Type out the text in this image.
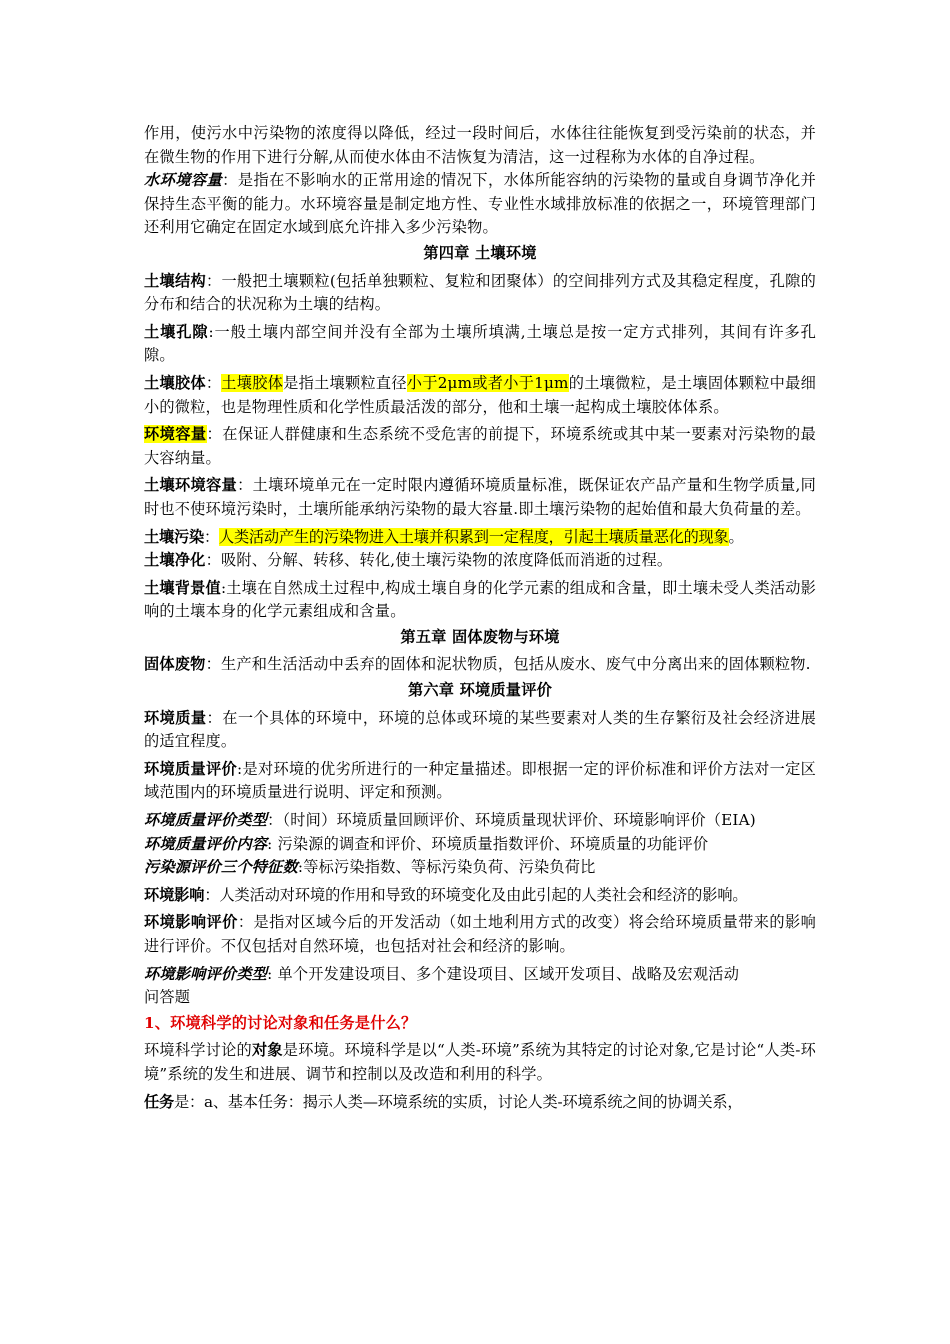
作用，使污水中污染物的浓度得以降低，经过一段时间后，水体往往能恢复到受污染前的状态，并在微生物的作用下进行分解,从而使水体由不洁恢复为清洁，这一过程称为水体的自净过程。

水环境容量：是指在不影响水的正常用途的情况下，水体所能容纳的污染物的量或自身调节净化并保持生态平衡的能力。水环境容量是制定地方性、专业性水域排放标准的依据之一，环境管理部门还利用它确定在固定水域到底允许排入多少污染物。

第四章 土壤环境

土壤结构：一般把土壤颗粒(包括单独颗粒、复粒和团聚体）的空间排列方式及其稳定程度，孔隙的分布和结合的状况称为土壤的结构。

土壤孔隙:一般土壤内部空间并没有全部为土壤所填满,土壤总是按一定方式排列，其间有许多孔隙。

土壤胶体：土壤胶体是指土壤颗粒直径小于2μm或者小于1μm的土壤微粒，是土壤固体颗粒中最细小的微粒，也是物理性质和化学性质最活泼的部分，他和土壤一起构成土壤胶体体系。

环境容量：在保证人群健康和生态系统不受危害的前提下，环境系统或其中某一要素对污染物的最大容纳量。

土壤环境容量：土壤环境单元在一定时限内遵循环境质量标准，既保证农产品产量和生物学质量,同时也不使环境污染时，土壤所能承纳污染物的最大容量.即土壤污染物的起始值和最大负荷量的差。

土壤污染：人类活动产生的污染物进入土壤并积累到一定程度，引起土壤质量恶化的现象。

土壤净化：吸附、分解、转移、转化,使土壤污染物的浓度降低而消逝的过程。

土壤背景值:土壤在自然成土过程中,构成土壤自身的化学元素的组成和含量，即土壤未受人类活动影响的土壤本身的化学元素组成和含量。

第五章 固体废物与环境

固体废物：生产和生活活动中丢弃的固体和泥状物质，包括从废水、废气中分离出来的固体颗粒物.

第六章 环境质量评价

环境质量：在一个具体的环境中，环境的总体或环境的某些要素对人类的生存繁衍及社会经济进展的适宜程度。

环境质量评价:是对环境的优劣所进行的一种定量描述。即根据一定的评价标准和评价方法对一定区域范围内的环境质量进行说明、评定和预测。

环境质量评价类型：（时间）环境质量回顾评价、环境质量现状评价、环境影响评价（EIA)

环境质量评价内容: 污染源的调查和评价、环境质量指数评价、环境质量的功能评价

污染源评价三个特征数:等标污染指数、等标污染负荷、污染负荷比

环境影响：人类活动对环境的作用和导致的环境变化及由此引起的人类社会和经济的影响。

环境影响评价：是指对区域今后的开发活动（如土地利用方式的改变）将会给环境质量带来的影响进行评价。不仅包括对自然环境，也包括对社会和经济的影响。

环境影响评价类型: 单个开发建设项目、多个建设项目、区域开发项目、战略及宏观活动

问答题

1、环境科学的讨论对象和任务是什么？

环境科学讨论的对象是环境。环境科学是以“人类-环境”系统为其特定的讨论对象,它是讨论“人类-环境”系统的发生和进展、调节和控制以及改造和利用的科学。

任务是：a、基本任务：揭示人类—环境系统的实质，讨论人类-环境系统之间的协调关系，
